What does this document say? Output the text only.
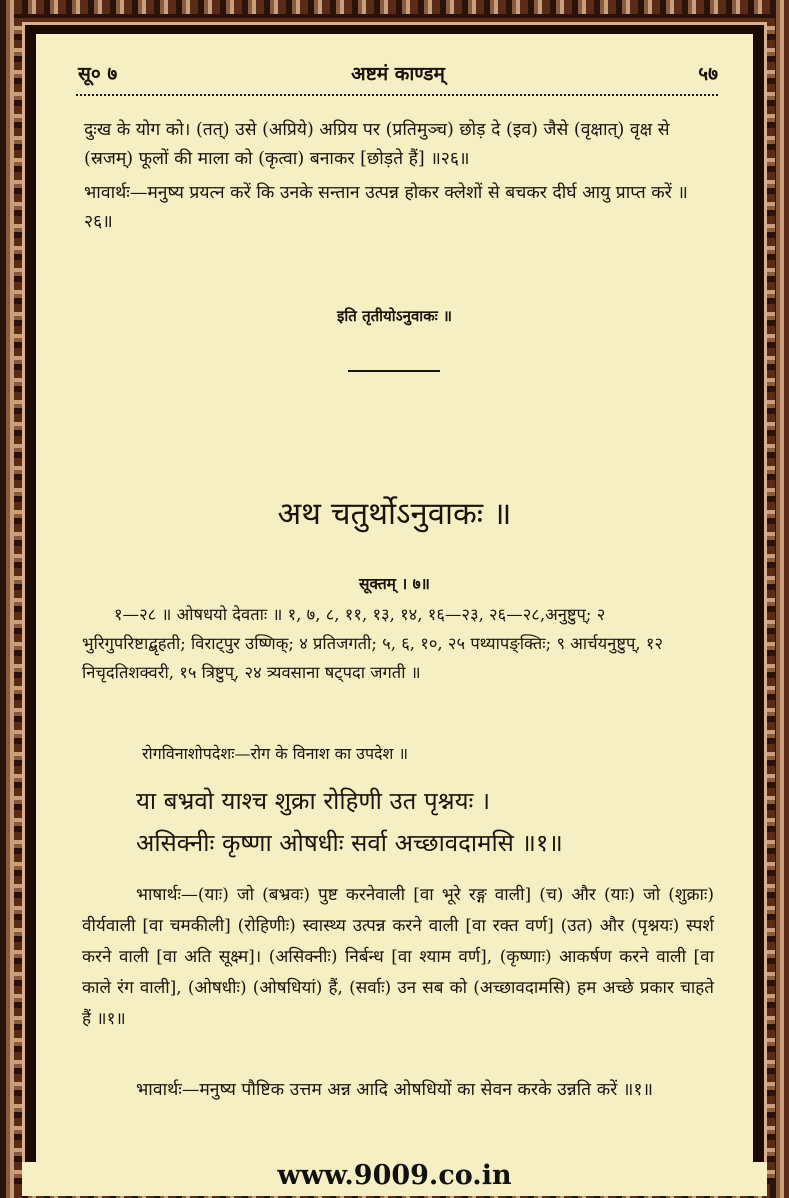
सू० ७	अष्टमं काण्डम्	५७
दुःख के योग को। (तत्) उसे (अप्रिये) अप्रिय पर (प्रतिमुञ्च) छोड़ दे (इव) जैसे (वृक्षात्) वृक्ष से (स्रजम्) फूलों की माला को (कृत्वा) बनाकर [छोड़ते हैं] ॥२६॥
भावार्थः—मनुष्य प्रयत्न करें कि उनके सन्तान उत्पन्न होकर क्लेशों से बचकर दीर्घ आयु प्राप्त करें ॥२६॥
इति तृतीयोऽनुवाकः ॥
अथ चतुर्थोऽनुवाकः ॥
सूक्तम् । ७॥
१—२८ ॥ ओषधयो देवताः ॥ १, ७, ८, ११, १३, १४, १६—२३, २६—२८,अनुष्टुप्; २ भुरिगुपरिष्टाद्बृहती; विराट्पुर उष्णिक्; ४ प्रतिजगती; ५, ६, १०, २५ पथ्यापङ्क्तिः; ९ आर्चयनुष्टुप्, १२ निचृदतिशक्वरी, १५ त्रिष्टुप्, २४ त्र्यवसाना षट्पदा जगती ॥
रोगविनाशोपदेशः—रोग के विनाश का उपदेश ॥
या बभ्रवो याश्च शुक्रा रोहिणी उत पृश्नयः ।
असिक्नीः कृष्णा ओषधीः सर्वा अच्छावदामसि ॥१॥
भाषार्थः—(याः) जो (बभ्रवः) पुष्ट करनेवाली [वा भूरे रङ्ग वाली] (च) और (याः) जो (शुक्राः) वीर्यवाली [वा चमकीली] (रोहिणीः) स्वास्थ्य उत्पन्न करने वाली [वा रक्त वर्ण] (उत) और (पृश्नयः) स्पर्श करने वाली [वा अति सूक्ष्म]। (असिक्नीः) निर्बन्ध [वा श्याम वर्ण], (कृष्णाः) आकर्षण करने वाली [वा काले रंग वाली], (ओषधीः) (ओषधियां) हैं, (सर्वाः) उन सब को (अच्छावदामसि) हम अच्छे प्रकार चाहते हैं ॥१॥
भावार्थः—मनुष्य पौष्टिक उत्तम अन्न आदि ओषधियों का सेवन करके उन्नति करें ॥१॥
www.9009.co.in
